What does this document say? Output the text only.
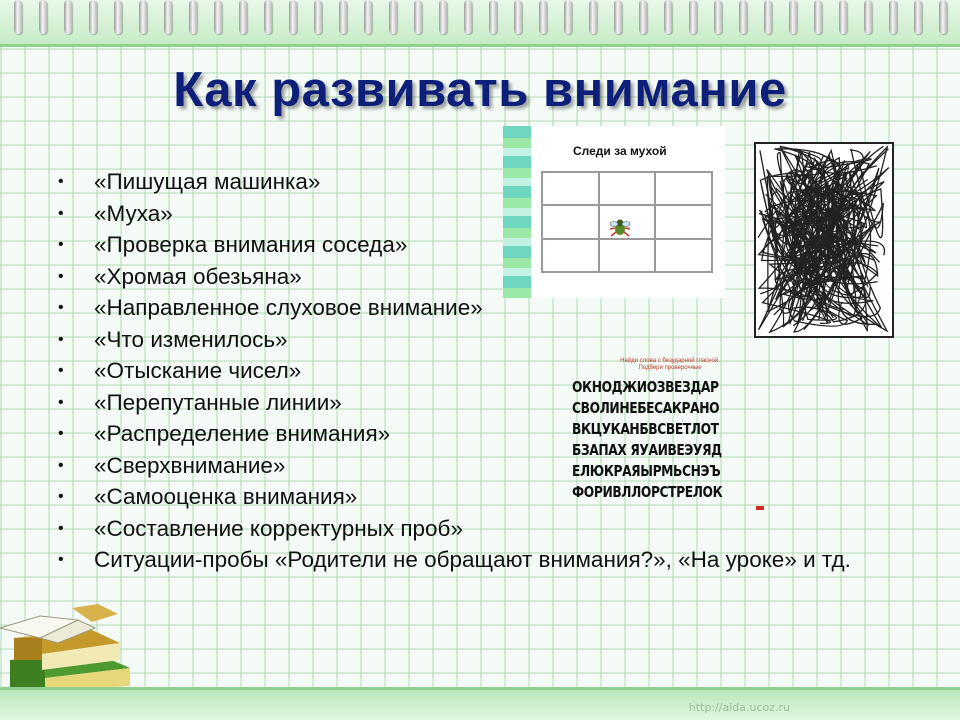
Как развивать внимание
• «Пишущая машинка»
• «Муха»
• «Проверка внимания соседа»
• «Хромая обезьяна»
• «Направленное слуховое внимание»
• «Что изменилось»
• «Отыскание чисел»
• «Перепутанные линии»
• «Распределение внимания»
• «Сверхвнимание»
• «Самооценка внимания»
• «Составление корректурных проб»
• Ситуации-пробы «Родители не обращают внимания?», «На уроке» и тд.
Следи за мухой
Найди слова с безударной гласной.
Подбери проверочные
ОКНОДЖИОЗВЕЗДАР
СВОЛИНЕБЕСАКРАНО
ВКЦУКАНБВСВЕТЛОТ
БЗАПАХ ЯУАИВЕЭУЯД
ЕЛЮКРАЯЫРМЬСНЭЪ
ФОРИВЛЛОРСТРЕЛОК
http://aida.ucoz.ru
